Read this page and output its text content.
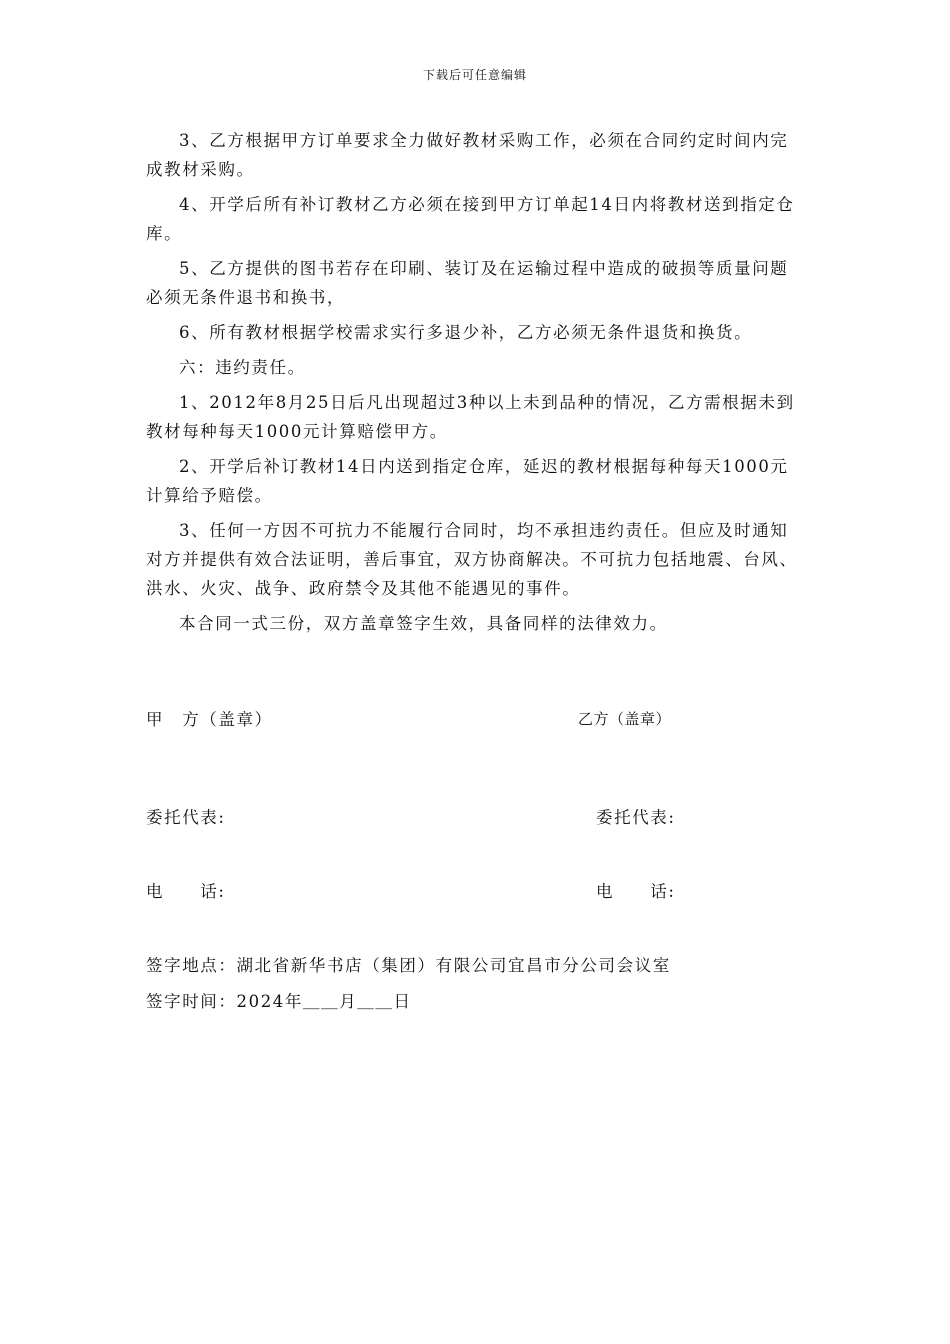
下载后可任意编辑

3、乙方根据甲方订单要求全力做好教材采购工作，必须在合同约定时间内完成教材采购。

4、开学后所有补订教材乙方必须在接到甲方订单起14日内将教材送到指定仓库。

5、乙方提供的图书若存在印刷、装订及在运输过程中造成的破损等质量问题必须无条件退书和换书，

6、所有教材根据学校需求实行多退少补，乙方必须无条件退货和换货。

六：违约责任。

1、2012年8月25日后凡出现超过3种以上未到品种的情况，乙方需根据未到教材每种每天1000元计算赔偿甲方。

2、开学后补订教材14日内送到指定仓库，延迟的教材根据每种每天1000元计算给予赔偿。

3、任何一方因不可抗力不能履行合同时，均不承担违约责任。但应及时通知对方并提供有效合法证明，善后事宜，双方协商解决。不可抗力包括地震、台风、洪水、火灾、战争、政府禁令及其他不能遇见的事件。

本合同一式三份，双方盖章签字生效，具备同样的法律效力。

甲　方（盖章）	乙方（盖章）
委托代表:	委托代表:
电　　话:	电　　话:
签字地点：湖北省新华书店（集团）有限公司宜昌市分公司会议室
签字时间：2024年＿＿月＿＿日
